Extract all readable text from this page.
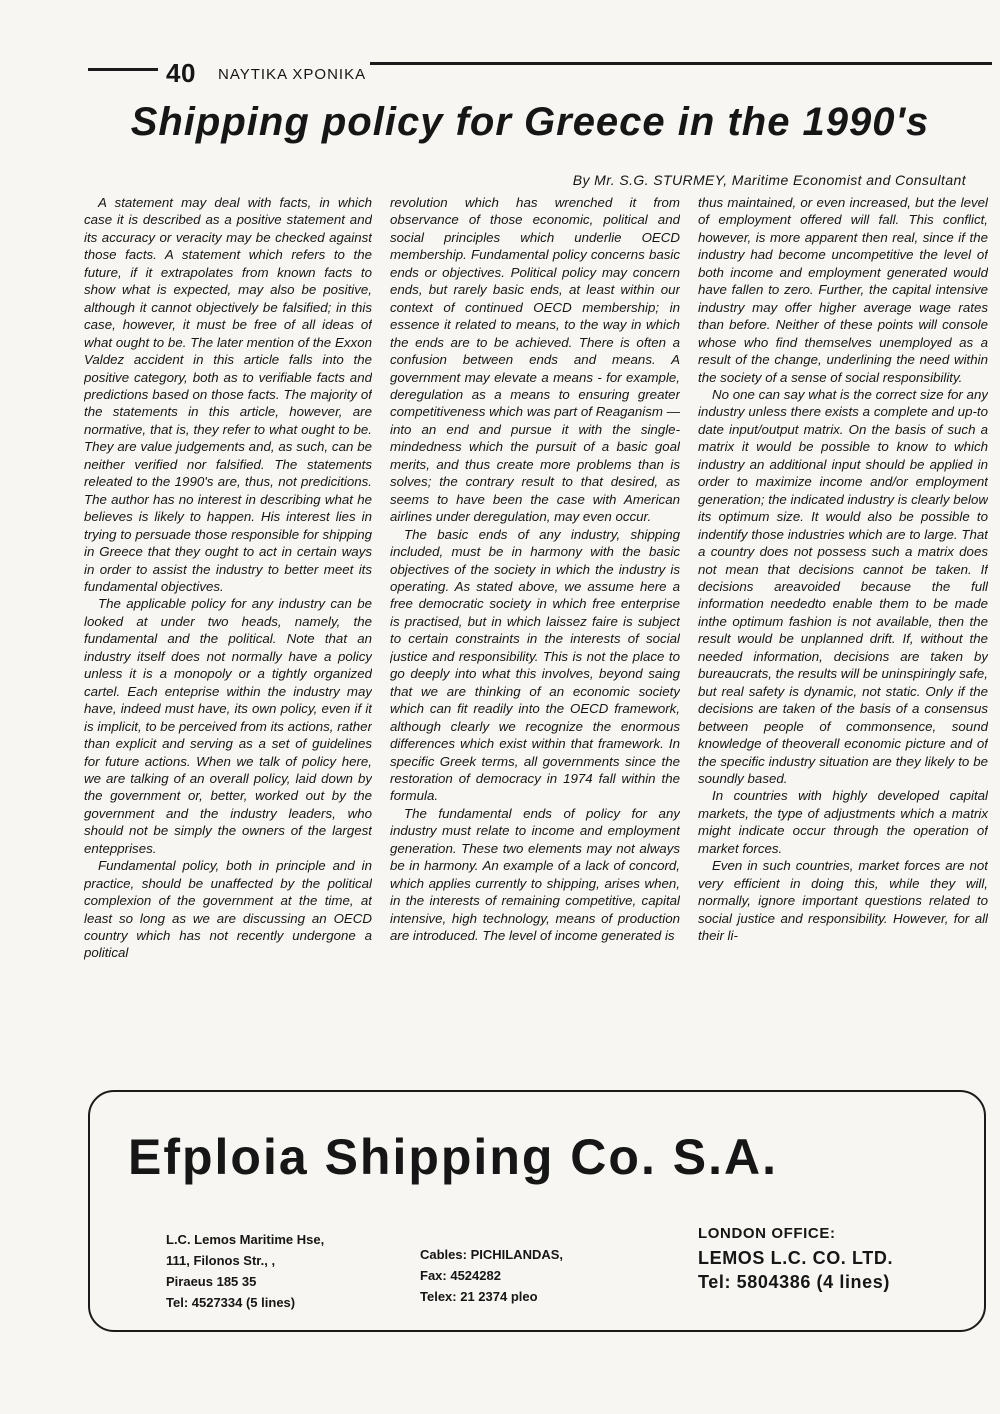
40 ΝΑΥΤΙΚΑ ΧΡΟΝΙΚΑ
Shipping policy for Greece in the 1990's
By Mr. S.G. STURMEY, Maritime Economist and Consultant

A statement may deal with facts, in which case it is described as a positive statement and its accuracy or veracity may be checked against those facts. A statement which refers to the future, if it extrapolates from known facts to show what is expected, may also be positive, although it cannot objectively be falsified; in this case, however, it must be free of all ideas of what ought to be. The later mention of the Exxon Valdez accident in this article falls into the positive category, both as to verifiable facts and predictions based on those facts. The majority of the statements in this article, however, are normative, that is, they refer to what ought to be. They are value judgements and, as such, can be neither verified nor falsified. The statements releated to the 1990's are, thus, not predicitions. The author has no interest in describing what he believes is likely to happen. His interest lies in trying to persuade those responsible for shipping in Greece that they ought to act in certain ways in order to assist the industry to better meet its fundamental objectives.

The applicable policy for any industry can be looked at under two heads, namely, the fundamental and the political. Note that an industry itself does not normally have a policy unless it is a monopoly or a tightly organized cartel. Each enteprise within the industry may have, indeed must have, its own policy, even if it is implicit, to be perceived from its actions, rather than explicit and serving as a set of guidelines for future actions. When we talk of policy here, we are talking of an overall policy, laid down by the government or, better, worked out by the government and the industry leaders, who should not be simply the owners of the largest entepprises.

Fundamental policy, both in principle and in practice, should be unaffected by the political complexion of the government at the time, at least so long as we are discussing an OECD country which has not recently undergone a political

revolution which has wrenched it from observance of those economic, political and social principles which underlie OECD membership. Fundamental policy concerns basic ends or objectives. Political policy may concern ends, but rarely basic ends, at least within our context of continued OECD membership; in essence it related to means, to the way in which the ends are to be achieved. There is often a confusion between ends and means. A government may elevate a means - for example, deregulation as a means to ensuring greater competitiveness which was part of Reaganism — into an end and pursue it with the single- mindedness which the pursuit of a basic goal merits, and thus create more problems than is solves; the contrary result to that desired, as seems to have been the case with American airlines under deregulation, may even occur.

The basic ends of any industry, shipping included, must be in harmony with the basic objectives of the society in which the industry is operating. As stated above, we assume here a free democratic society in which free enterprise is practised, but in which laissez faire is subject to certain constraints in the interests of social justice and responsibility. This is not the place to go deeply into what this involves, beyond saing that we are thinking of an economic society which can fit readily into the OECD framework, although clearly we recognize the enormous differences which exist within that framework. In specific Greek terms, all governments since the restoration of democracy in 1974 fall within the formula.

The fundamental ends of policy for any industry must relate to income and employment generation. These two elements may not always be in harmony. An example of a lack of concord, which applies currently to shipping, arises when, in the interests of remaining competitive, capital intensive, high technology, means of production are introduced. The level of income generated is

thus maintained, or even increased, but the level of employment offered will fall. This conflict, however, is more apparent then real, since if the industry had become uncompetitive the level of both income and employment generated would have fallen to zero. Further, the capital intensive industry may offer higher average wage rates than before. Neither of these points will console whose who find themselves unemployed as a result of the change, underlining the need within the society of a sense of social responsibility.

No one can say what is the correct size for any industry unless there exists a complete and up-to date input/output matrix. On the basis of such a matrix it would be possible to know to which industry an additional input should be applied in order to maximize income and/or employment generation; the indicated industry is clearly below its optimum size. It would also be possible to indentify those industries which are to large. That a country does not possess such a matrix does not mean that decisions cannot be taken. If decisions areavoided because the full information neededto enable them to be made inthe optimum fashion is not available, then the result would be unplanned drift. If, without the needed information, decisions are taken by bureaucrats, the results will be uninspiringly safe, but real safety is dynamic, not static. Only if the decisions are taken of the basis of a consensus between people of commonsence, sound knowledge of theoverall economic picture and of the specific industry situation are they likely to be soundly based.

In countries with highly developed capital markets, the type of adjustments which a matrix might indicate occur through the operation of market forces.

Even in such countries, market forces are not very efficient in doing this, while they will, normally, ignore important questions related to social justice and responsibility. However, for all their li-

Efploia Shipping Co. S.A.
L.C. Lemos Maritime Hse,
111, Filonos Str., ,
Piraeus 185 35
Tel: 4527334 (5 lines)
Cables: PICHILANDAS,
Fax: 4524282
Telex: 21 2374 pleo
LONDON OFFICE:
LEMOS L.C. CO. LTD.
Tel: 5804386 (4 lines)
